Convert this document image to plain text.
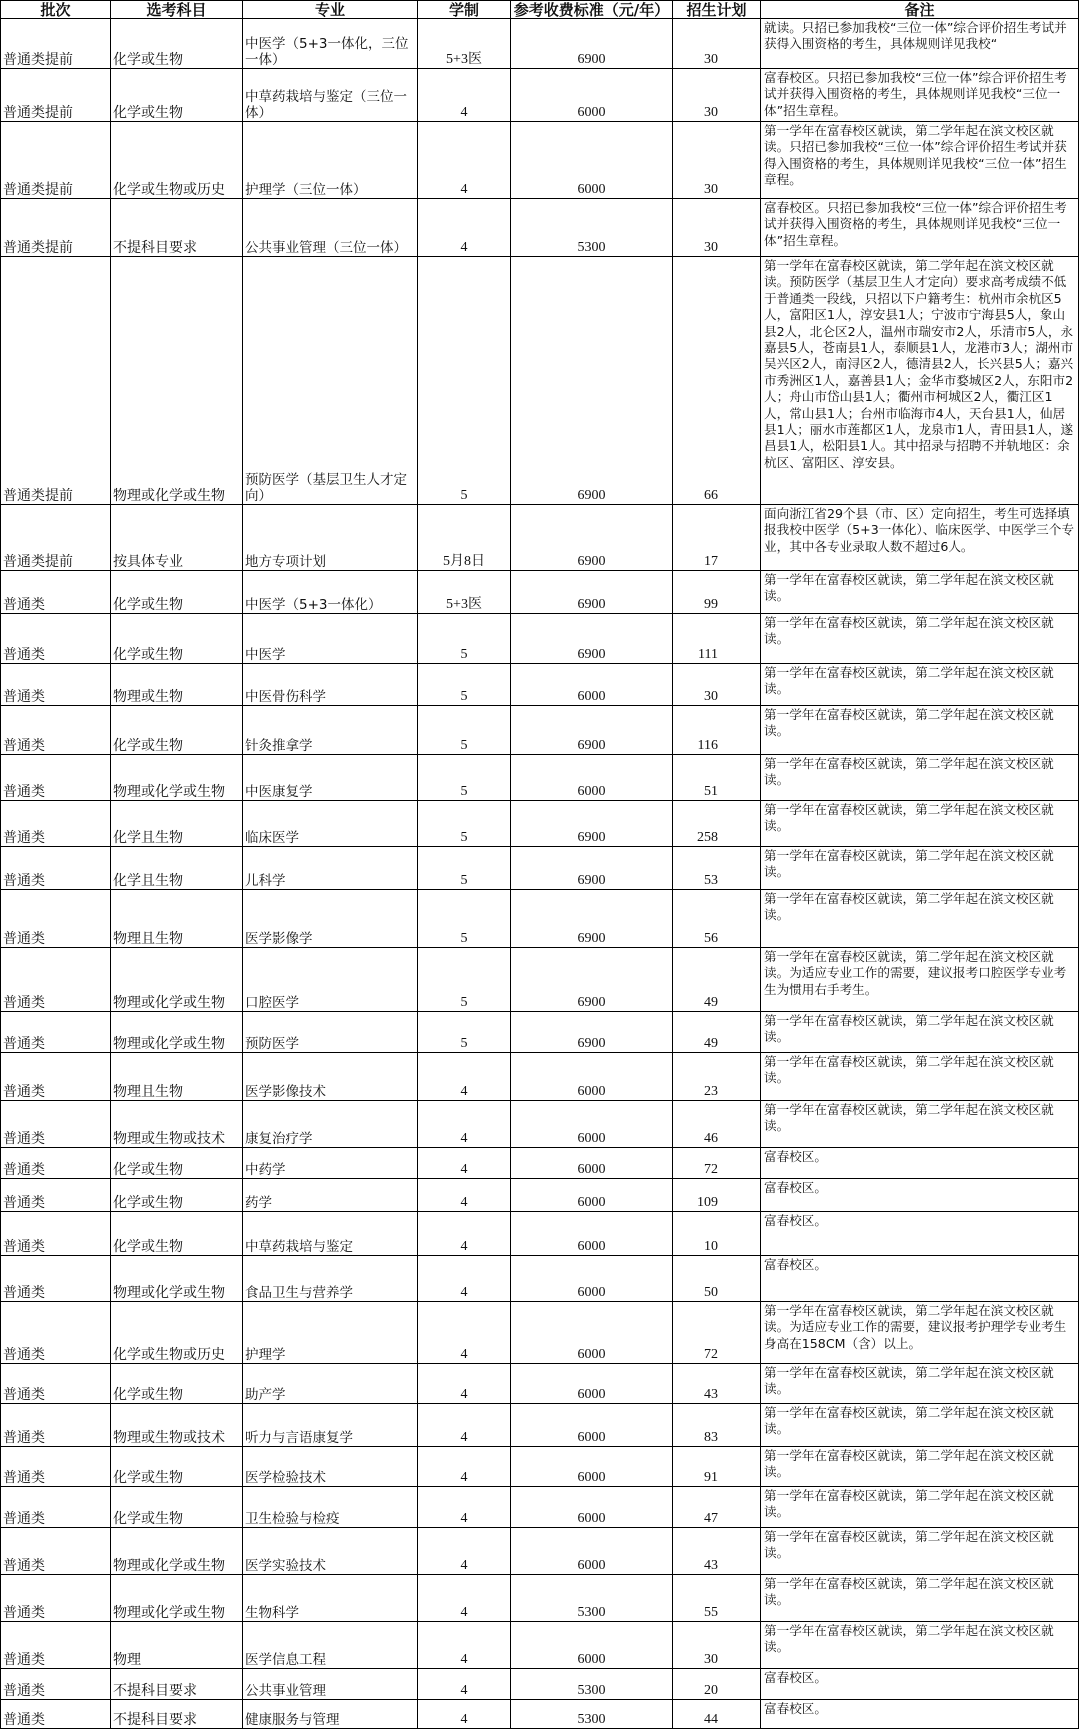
批次	选考科目	专业	学制	参考收费标准（元/年）	招生计划	备注
普通类提前	化学或生物	中医学（5+3一体化，三位一体）	5+3医	6900	30	就读。只招已参加我校“三位一体”综合评价招生考试并获得入围资格的考生，具体规则详见我校“
普通类提前	化学或生物	中草药栽培与鉴定（三位一体）	4	6000	30	富春校区。只招已参加我校“三位一体”综合评价招生考试并获得入围资格的考生，具体规则详见我校“三位一体”招生章程。
普通类提前	化学或生物或历史	护理学（三位一体）	4	6000	30	第一学年在富春校区就读，第二学年起在滨文校区就读。只招已参加我校“三位一体”综合评价招生考试并获得入围资格的考生，具体规则详见我校“三位一体”招生章程。
普通类提前	不提科目要求	公共事业管理（三位一体）	4	5300	30	富春校区。只招已参加我校“三位一体”综合评价招生考试并获得入围资格的考生，具体规则详见我校“三位一体”招生章程。
普通类提前	物理或化学或生物	预防医学（基层卫生人才定向）	5	6900	66	第一学年在富春校区就读，第二学年起在滨文校区就读。预防医学（基层卫生人才定向）要求高考成绩不低于普通类一段线，只招以下户籍考生：杭州市余杭区5人，富阳区1人，淳安县1人；宁波市宁海县5人，象山县2人，北仑区2人，温州市瑞安市2人，乐清市5人，永嘉县5人，苍南县1人，泰顺县1人，龙港市3人；湖州市吴兴区2人，南浔区2人，德清县2人，长兴县5人；嘉兴市秀洲区1人，嘉善县1人；金华市婺城区2人，东阳市2人；舟山市岱山县1人；衢州市柯城区2人，衢江区1人，常山县1人；台州市临海市4人，天台县1人，仙居县1人；丽水市莲都区1人，龙泉市1人，青田县1人，遂昌县1人，松阳县1人。其中招录与招聘不并轨地区：余杭区、富阳区、淳安县。
普通类提前	按具体专业	地方专项计划	5月8日	6900	17	面向浙江省29个县（市、区）定向招生，考生可选择填报我校中医学（5+3一体化）、临床医学、中医学三个专业，其中各专业录取人数不超过6人。
普通类	化学或生物	中医学（5+3一体化）	5+3医	6900	99	第一学年在富春校区就读，第二学年起在滨文校区就读。
普通类	化学或生物	中医学	5	6900	111	第一学年在富春校区就读，第二学年起在滨文校区就读。
普通类	物理或生物	中医骨伤科学	5	6000	30	第一学年在富春校区就读，第二学年起在滨文校区就读。
普通类	化学或生物	针灸推拿学	5	6900	116	第一学年在富春校区就读，第二学年起在滨文校区就读。
普通类	物理或化学或生物	中医康复学	5	6000	51	第一学年在富春校区就读，第二学年起在滨文校区就读。
普通类	化学且生物	临床医学	5	6900	258	第一学年在富春校区就读，第二学年起在滨文校区就读。
普通类	化学且生物	儿科学	5	6900	53	第一学年在富春校区就读，第二学年起在滨文校区就读。
普通类	物理且生物	医学影像学	5	6900	56	第一学年在富春校区就读，第二学年起在滨文校区就读。
普通类	物理或化学或生物	口腔医学	5	6900	49	第一学年在富春校区就读，第二学年起在滨文校区就读。为适应专业工作的需要，建议报考口腔医学专业考生为惯用右手考生。
普通类	物理或化学或生物	预防医学	5	6900	49	第一学年在富春校区就读，第二学年起在滨文校区就读。
普通类	物理且生物	医学影像技术	4	6000	23	第一学年在富春校区就读，第二学年起在滨文校区就读。
普通类	物理或生物或技术	康复治疗学	4	6000	46	第一学年在富春校区就读，第二学年起在滨文校区就读。
普通类	化学或生物	中药学	4	6000	72	富春校区。
普通类	化学或生物	药学	4	6000	109	富春校区。
普通类	化学或生物	中草药栽培与鉴定	4	6000	10	富春校区。
普通类	物理或化学或生物	食品卫生与营养学	4	6000	50	富春校区。
普通类	化学或生物或历史	护理学	4	6000	72	第一学年在富春校区就读，第二学年起在滨文校区就读。为适应专业工作的需要，建议报考护理学专业考生身高在158CM（含）以上。
普通类	化学或生物	助产学	4	6000	43	第一学年在富春校区就读，第二学年起在滨文校区就读。
普通类	物理或生物或技术	听力与言语康复学	4	6000	83	第一学年在富春校区就读，第二学年起在滨文校区就读。
普通类	化学或生物	医学检验技术	4	6000	91	第一学年在富春校区就读，第二学年起在滨文校区就读。
普通类	化学或生物	卫生检验与检疫	4	6000	47	第一学年在富春校区就读，第二学年起在滨文校区就读。
普通类	物理或化学或生物	医学实验技术	4	6000	43	第一学年在富春校区就读，第二学年起在滨文校区就读。
普通类	物理或化学或生物	生物科学	4	5300	55	第一学年在富春校区就读，第二学年起在滨文校区就读。
普通类	物理	医学信息工程	4	6000	30	第一学年在富春校区就读，第二学年起在滨文校区就读。
普通类	不提科目要求	公共事业管理	4	5300	20	富春校区。
普通类	不提科目要求	健康服务与管理	4	5300	44	富春校区。
